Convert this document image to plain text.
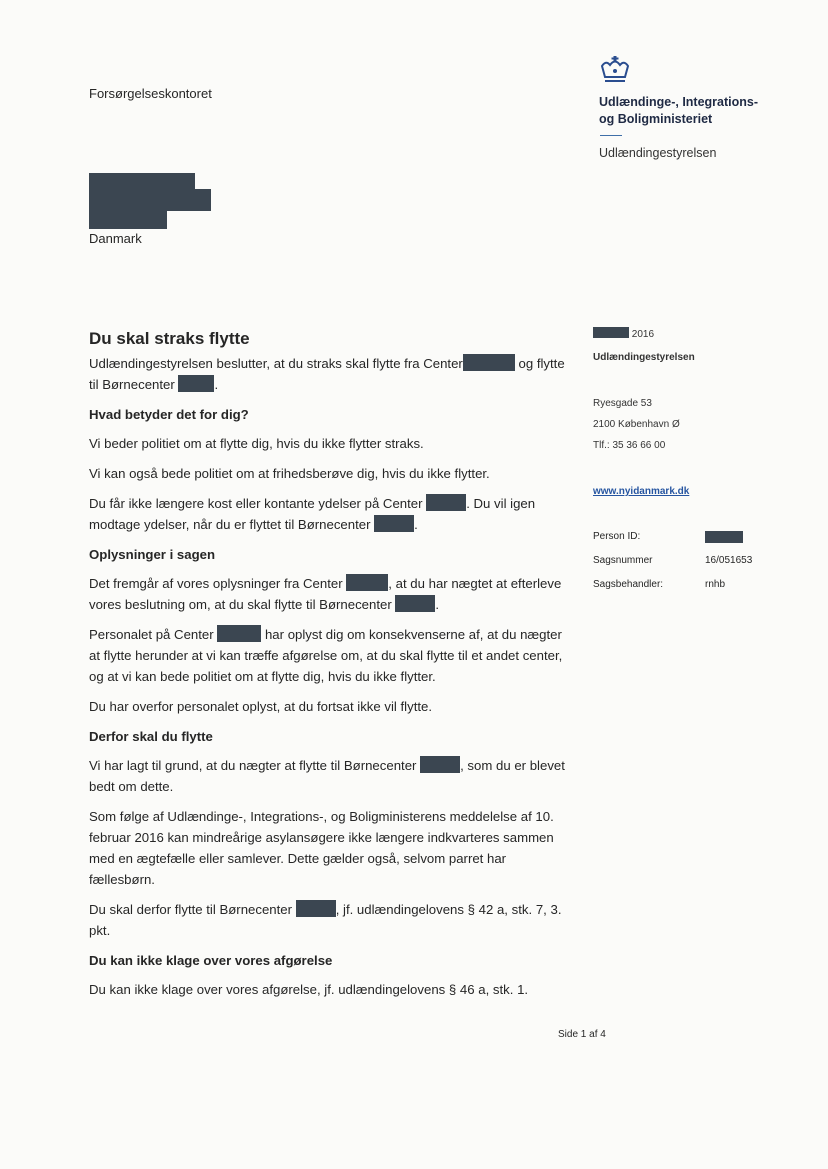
Forsørgelseskontoret
Udlændinge-, Integrations-
og Boligministeriet
Udlændingestyrelsen
Danmark
Du skal straks flytte

Udlændingestyrelsen beslutter, at du straks skal flytte fra Center	og flytte til Børnecenter	.

Hvad betyder det for dig?

Vi beder politiet om at flytte dig, hvis du ikke flytter straks.

Vi kan også bede politiet om at frihedsberøve dig, hvis du ikke flytter.

Du får ikke længere kost eller kontante ydelser på Center	. Du vil igen modtage ydelser, når du er flyttet til Børnecenter	.

Oplysninger i sagen

Det fremgår af vores oplysninger fra Center	, at du har nægtet at efterleve vores beslutning om, at du skal flytte til Børnecenter	.

Personalet på Center	har oplyst dig om konsekvenserne af, at du nægter at flytte herunder at vi kan træffe afgørelse om, at du skal flytte til et andet center, og at vi kan bede politiet om at flytte dig, hvis du ikke flytter.

Du har overfor personalet oplyst, at du fortsat ikke vil flytte.

Derfor skal du flytte

Vi har lagt til grund, at du nægter at flytte til Børnecenter	, som du er blevet bedt om dette.

Som følge af Udlændinge-, Integrations-, og Boligministerens meddelelse af 10. februar 2016 kan mindreårige asylansøgere ikke længere indkvarteres sammen med en ægtefælle eller samlever. Dette gælder også, selvom parret har fællesbørn.

Du skal derfor flytte til Børnecenter	, jf. udlændingelovens § 42 a, stk. 7, 3. pkt.

Du kan ikke klage over vores afgørelse

Du kan ikke klage over vores afgørelse, jf. udlændingelovens § 46 a, stk. 1.

2016
Udlændingestyrelsen
Ryesgade 53
2100 København Ø
Tlf.: 35 36 66 00
www.nyidanmark.dk
Person ID:
Sagsnummer	16/051653
Sagsbehandler:	rnhb
Side 1 af 4
